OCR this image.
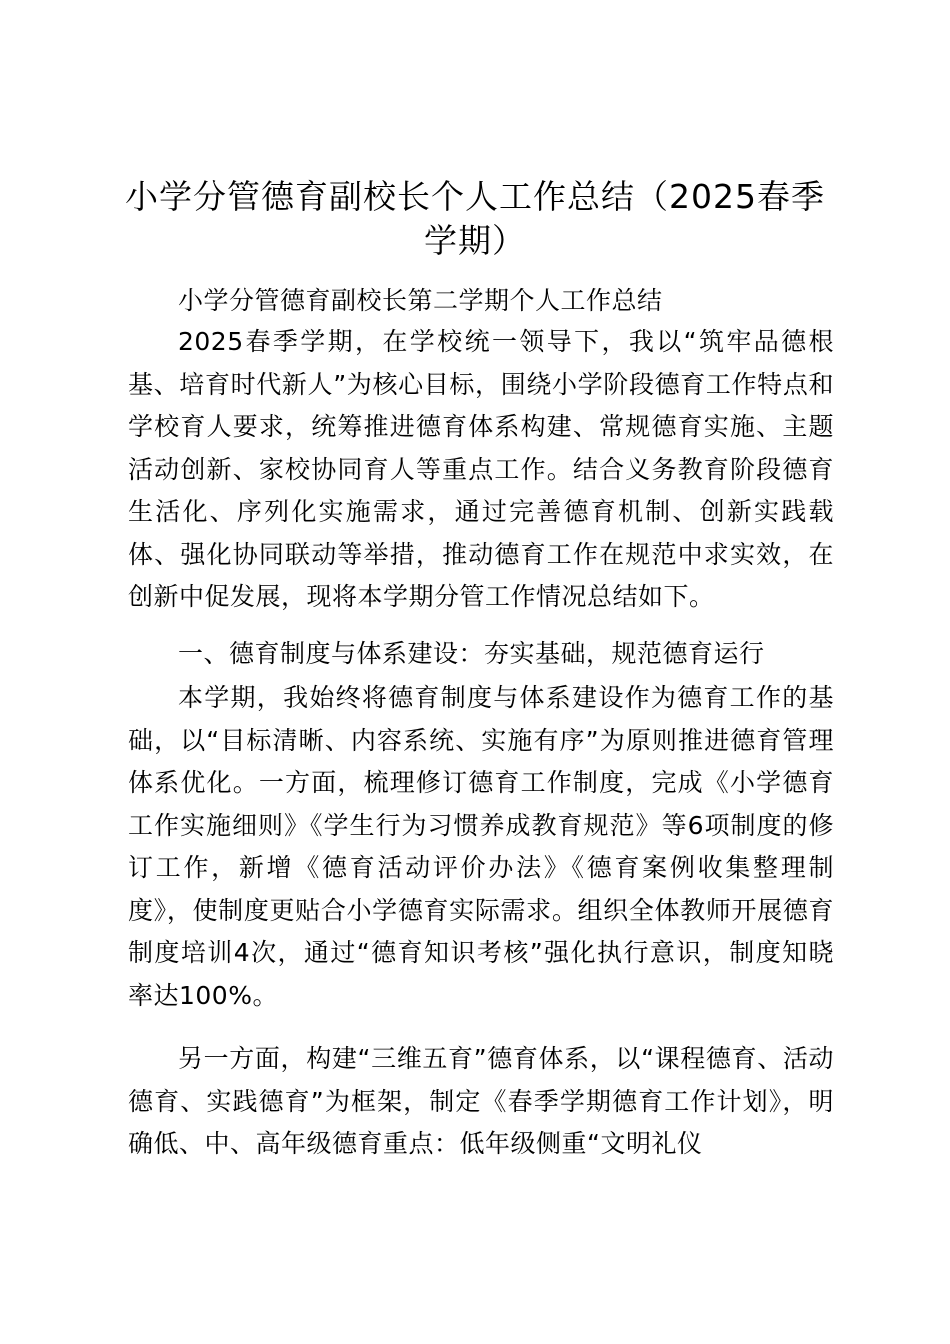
小学分管德育副校长个人工作总结（2025春季学期）

小学分管德育副校长第二学期个人工作总结

2025春季学期，在学校统一领导下，我以“筑牢品德根基、培育时代新人”为核心目标，围绕小学阶段德育工作特点和学校育人要求，统筹推进德育体系构建、常规德育实施、主题活动创新、家校协同育人等重点工作。结合义务教育阶段德育生活化、序列化实施需求，通过完善德育机制、创新实践载体、强化协同联动等举措，推动德育工作在规范中求实效，在创新中促发展，现将本学期分管工作情况总结如下。

一、德育制度与体系建设：夯实基础，规范德育运行

本学期，我始终将德育制度与体系建设作为德育工作的基础，以“目标清晰、内容系统、实施有序”为原则推进德育管理体系优化。一方面，梳理修订德育工作制度，完成《小学德育工作实施细则》《学生行为习惯养成教育规范》等6项制度的修订工作，新增《德育活动评价办法》《德育案例收集整理制度》，使制度更贴合小学德育实际需求。组织全体教师开展德育制度培训4次，通过“德育知识考核”强化执行意识，制度知晓率达100%。

另一方面，构建“三维五育”德育体系，以“课程德育、活动德育、实践德育”为框架，制定《春季学期德育工作计划》，明确低、中、高年级德育重点：低年级侧重“文明礼仪
